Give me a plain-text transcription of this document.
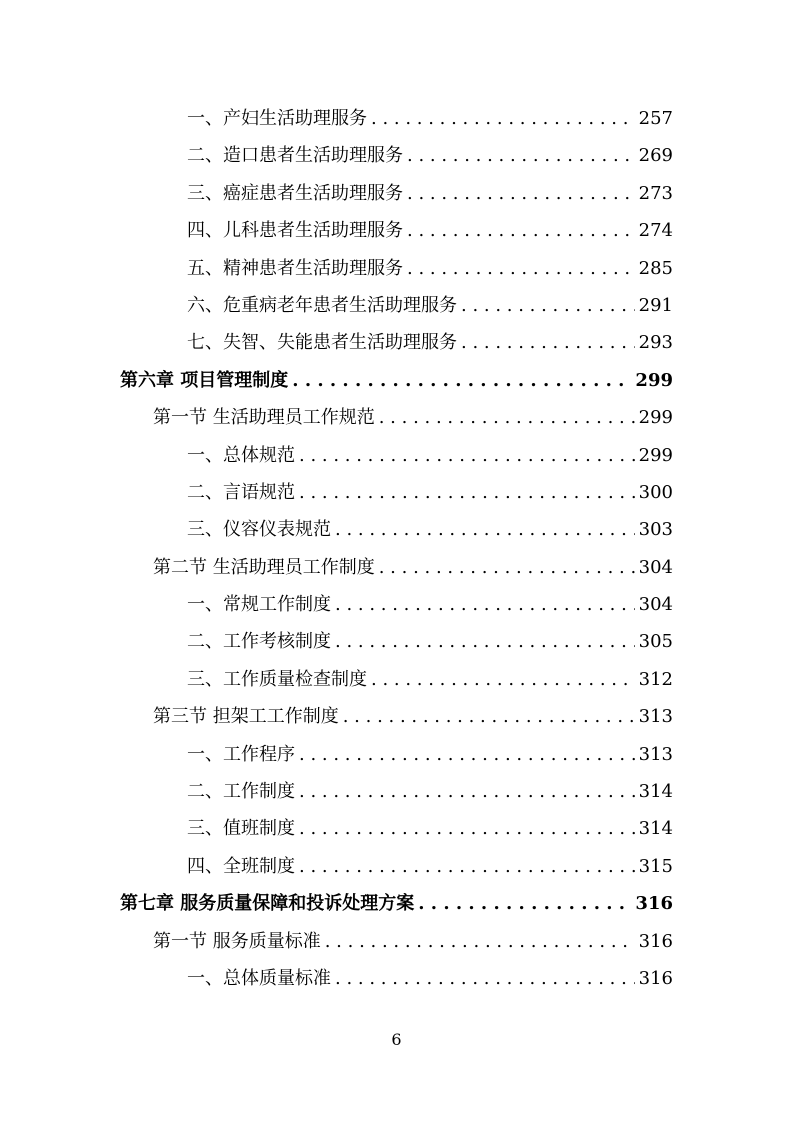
一、产妇生活助理服务 . . .	257
二、造口患者生活助理服务 . . .	269
三、癌症患者生活助理服务 . . .	273
四、儿科患者生活助理服务 . . .	274
五、精神患者生活助理服务 . . .	285
六、危重病老年患者生活助理服务 . . .	291
七、失智、失能患者生活助理服务 . . .	293
第六章 项目管理制度 . . .	299
第一节 生活助理员工作规范 . . .	299
一、总体规范 . . .	299
二、言语规范 . . .	300
三、仪容仪表规范 . . .	303
第二节 生活助理员工作制度 . . .	304
一、常规工作制度 . . .	304
二、工作考核制度 . . .	305
三、工作质量检查制度 . . .	312
第三节 担架工工作制度 . . .	313
一、工作程序 . . .	313
二、工作制度 . . .	314
三、值班制度 . . .	314
四、全班制度 . . .	315
第七章 服务质量保障和投诉处理方案 . . .	316
第一节 服务质量标准 . . .	316
一、总体质量标准 . . .	316
6
